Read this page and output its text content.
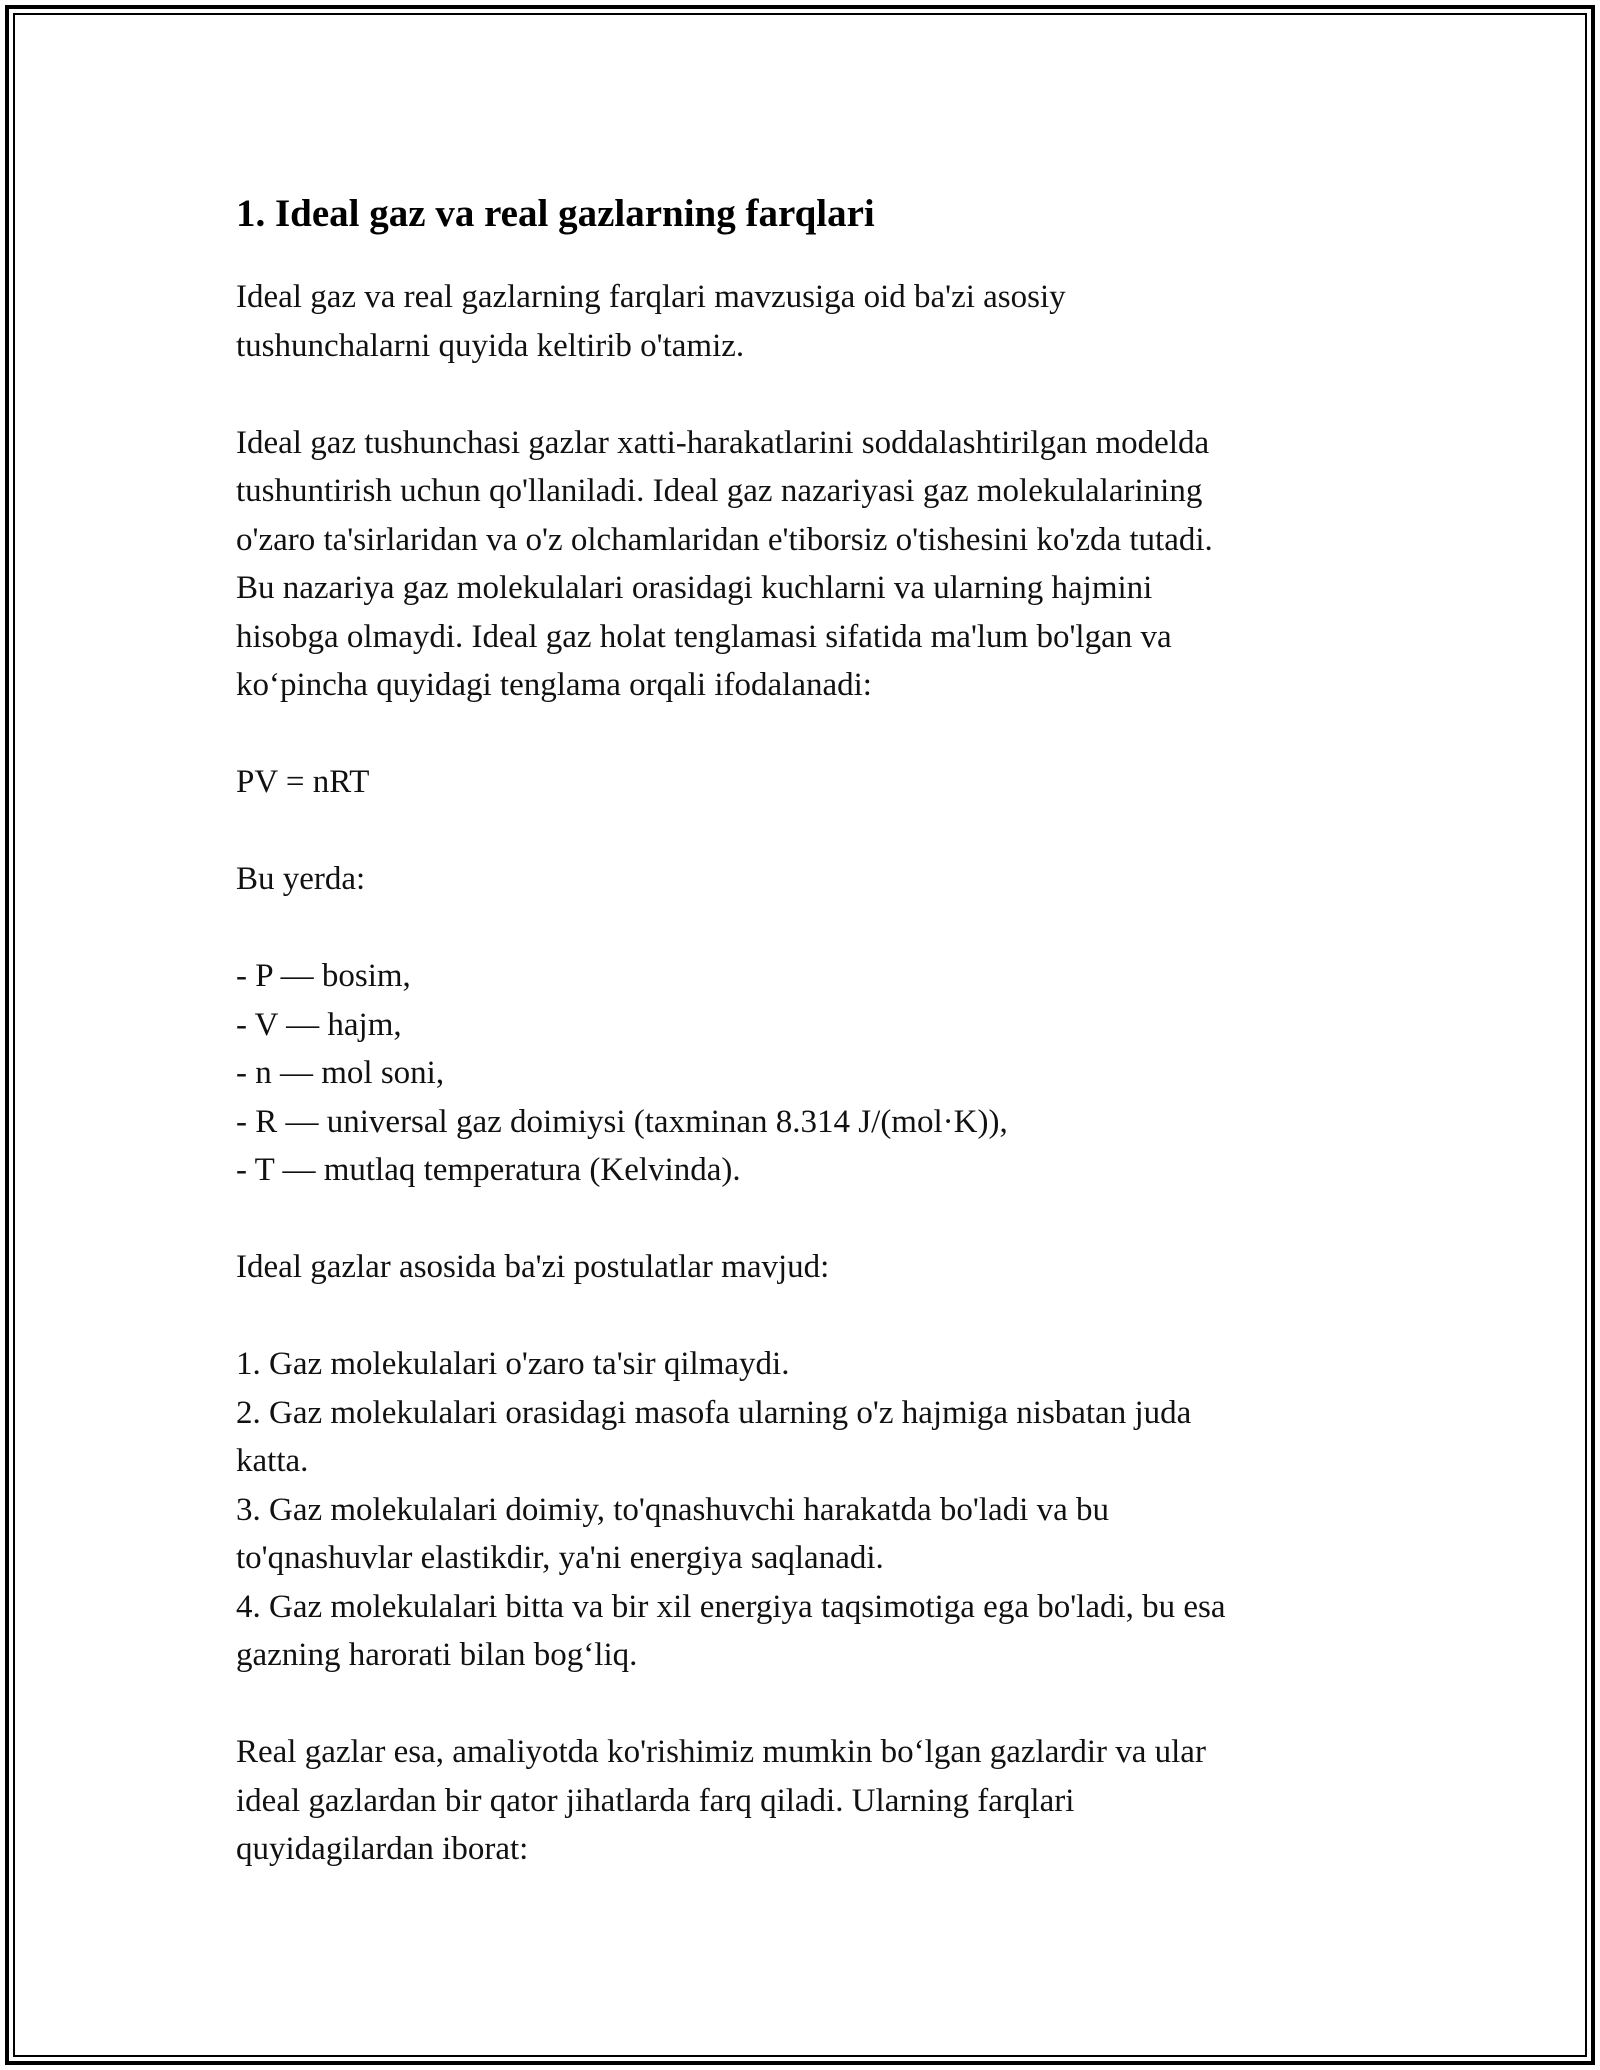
1. Ideal gaz va real gazlarning farqlari

Ideal gaz va real gazlarning farqlari mavzusiga oid ba'zi asosiy

tushunchalarni quyida keltirib o'tamiz.

Ideal gaz tushunchasi gazlar xatti-harakatlarini soddalashtirilgan modelda

tushuntirish uchun qo'llaniladi. Ideal gaz nazariyasi gaz molekulalarining

o'zaro ta'sirlaridan va o'z olchamlaridan e'tiborsiz o'tishesini ko'zda tutadi.

Bu nazariya gaz molekulalari orasidagi kuchlarni va ularning hajmini

hisobga olmaydi. Ideal gaz holat tenglamasi sifatida ma'lum bo'lgan va

ko‘pincha quyidagi tenglama orqali ifodalanadi:

PV = nRT

Bu yerda:

- P — bosim,

- V — hajm,

- n — mol soni,

- R — universal gaz doimiysi (taxminan 8.314 J/(mol·K)),

- T — mutlaq temperatura (Kelvinda).

Ideal gazlar asosida ba'zi postulatlar mavjud:

1. Gaz molekulalari o'zaro ta'sir qilmaydi.

2. Gaz molekulalari orasidagi masofa ularning o'z hajmiga nisbatan juda

katta.

3. Gaz molekulalari doimiy, to'qnashuvchi harakatda bo'ladi va bu

to'qnashuvlar elastikdir, ya'ni energiya saqlanadi.

4. Gaz molekulalari bitta va bir xil energiya taqsimotiga ega bo'ladi, bu esa

gazning harorati bilan bog‘liq.

Real gazlar esa, amaliyotda ko'rishimiz mumkin bo‘lgan gazlardir va ular

ideal gazlardan bir qator jihatlarda farq qiladi. Ularning farqlari

quyidagilardan iborat:
